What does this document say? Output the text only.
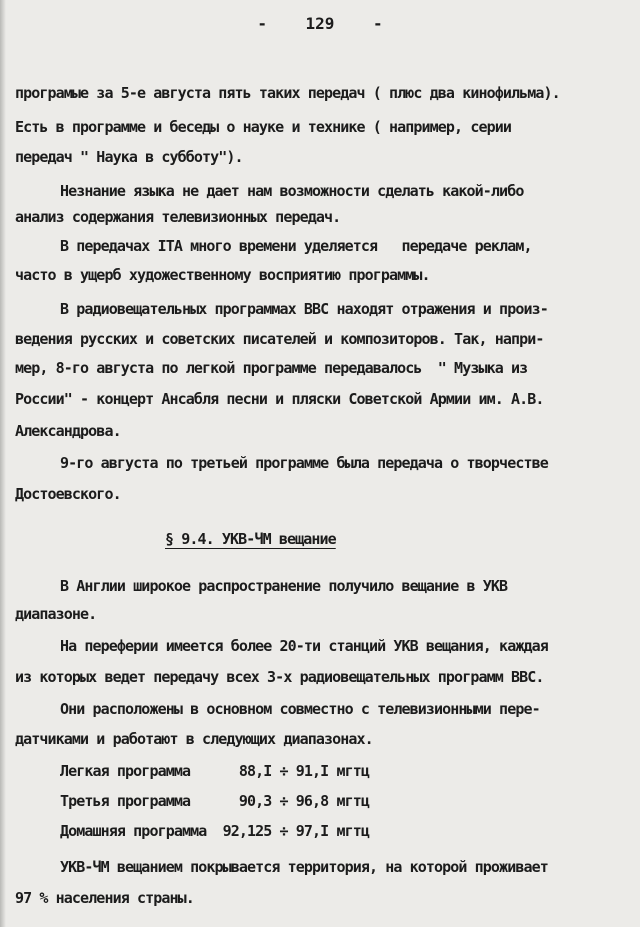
-    129    -
програмые за 5-е августа пять таких передач ( плюс два кинофильма).
Есть в программе и беседы о науке и технике ( например, серии
передач " Наука в субботу").
Незнание языка не дает нам возможности сделать какой-либо
анализ содержания телевизионных передач.
В передачах ITA много времени уделяется   передаче реклам,
часто в ущерб художественному восприятию программы.
В радиовещательных программах ВВС находят отражения и произ-
ведения русских и советских писателей и композиторов. Так, напри-
мер, 8-го августа по легкой программе передавалось  " Музыка из
России" - концерт Ансабля песни и пляски Советской Армии им. А.В.
Александрова.
9-го августа по третьей программе была передача о творчестве
Достоевского.
§ 9.4. УКВ-ЧМ вещание
В Англии широкое распространение получило вещание в УКВ
диапазоне.
На переферии имеется более 20-ти станций УКВ вещания, каждая
из которых ведет передачу всех 3-х радиовещательных программ ВВС.
Они расположены в основном совместно с телевизионными пере-
датчиками и работают в следующих диапазонах.
Легкая программа      88,I ÷ 91,I мгтц
Третья программа      90,3 ÷ 96,8 мгтц
Домашняя программа  92,125 ÷ 97,I мгтц
УКВ-ЧМ вещанием покрывается территория, на которой проживает
97 % населения страны.
